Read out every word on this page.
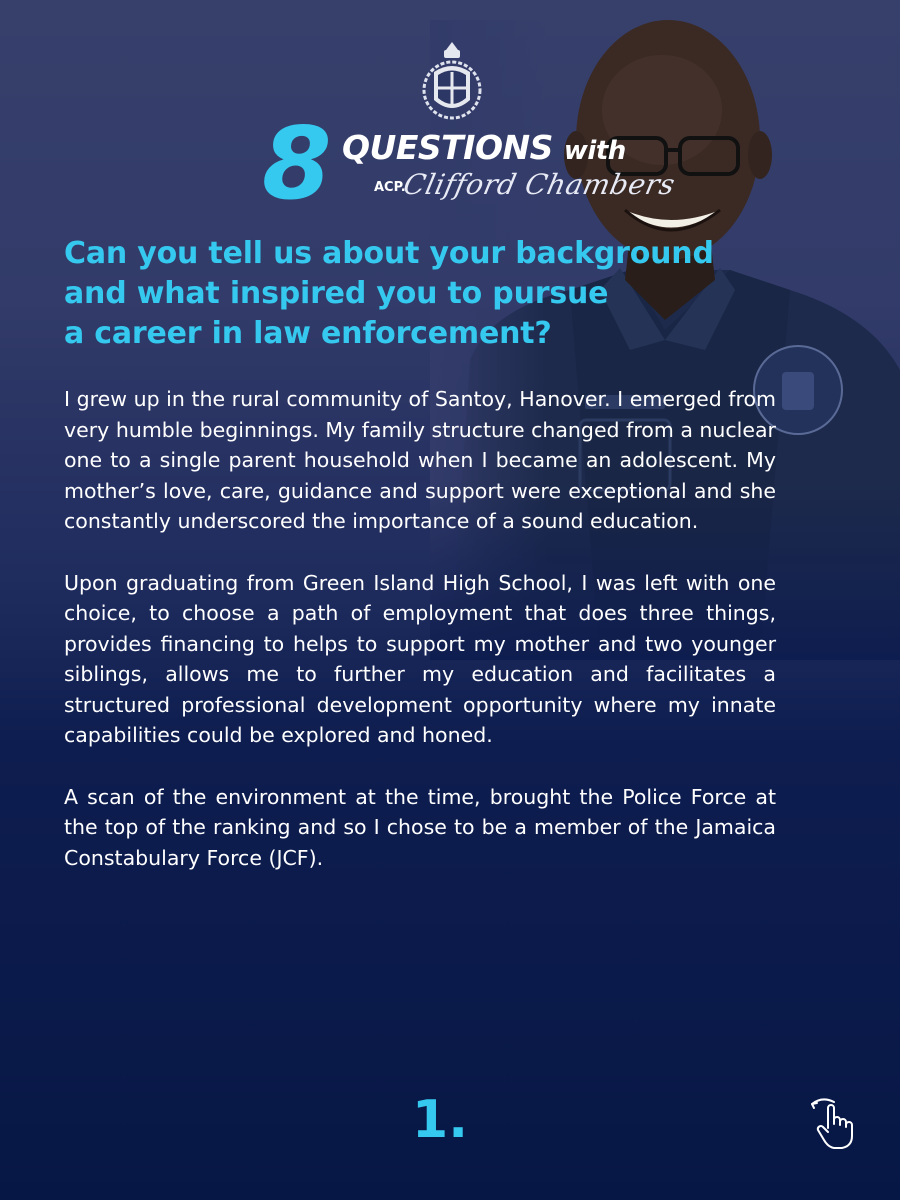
8 QUESTIONS with
ACP.
Clifford Chambers
Can you tell us about your background
and what inspired you to pursue
a career in law enforcement?

I grew up in the rural community of Santoy, Hanover. I emerged from very humble beginnings. My family structure changed from a nuclear one to a single parent household when I became an adolescent. My mother’s love, care, guidance and support were exceptional and she constantly underscored the importance of a sound education.

Upon graduating from Green Island High School, I was left with one choice, to choose a path of employment that does three things, provides financing to helps to support my mother and two younger siblings, allows me to further my education and facilitates a structured professional development opportunity where my innate capabilities could be explored and honed.

A scan of the environment at the time, brought the Police Force at the top of the ranking and so I chose to be a member of the Jamaica Constabulary Force (JCF).

1.
